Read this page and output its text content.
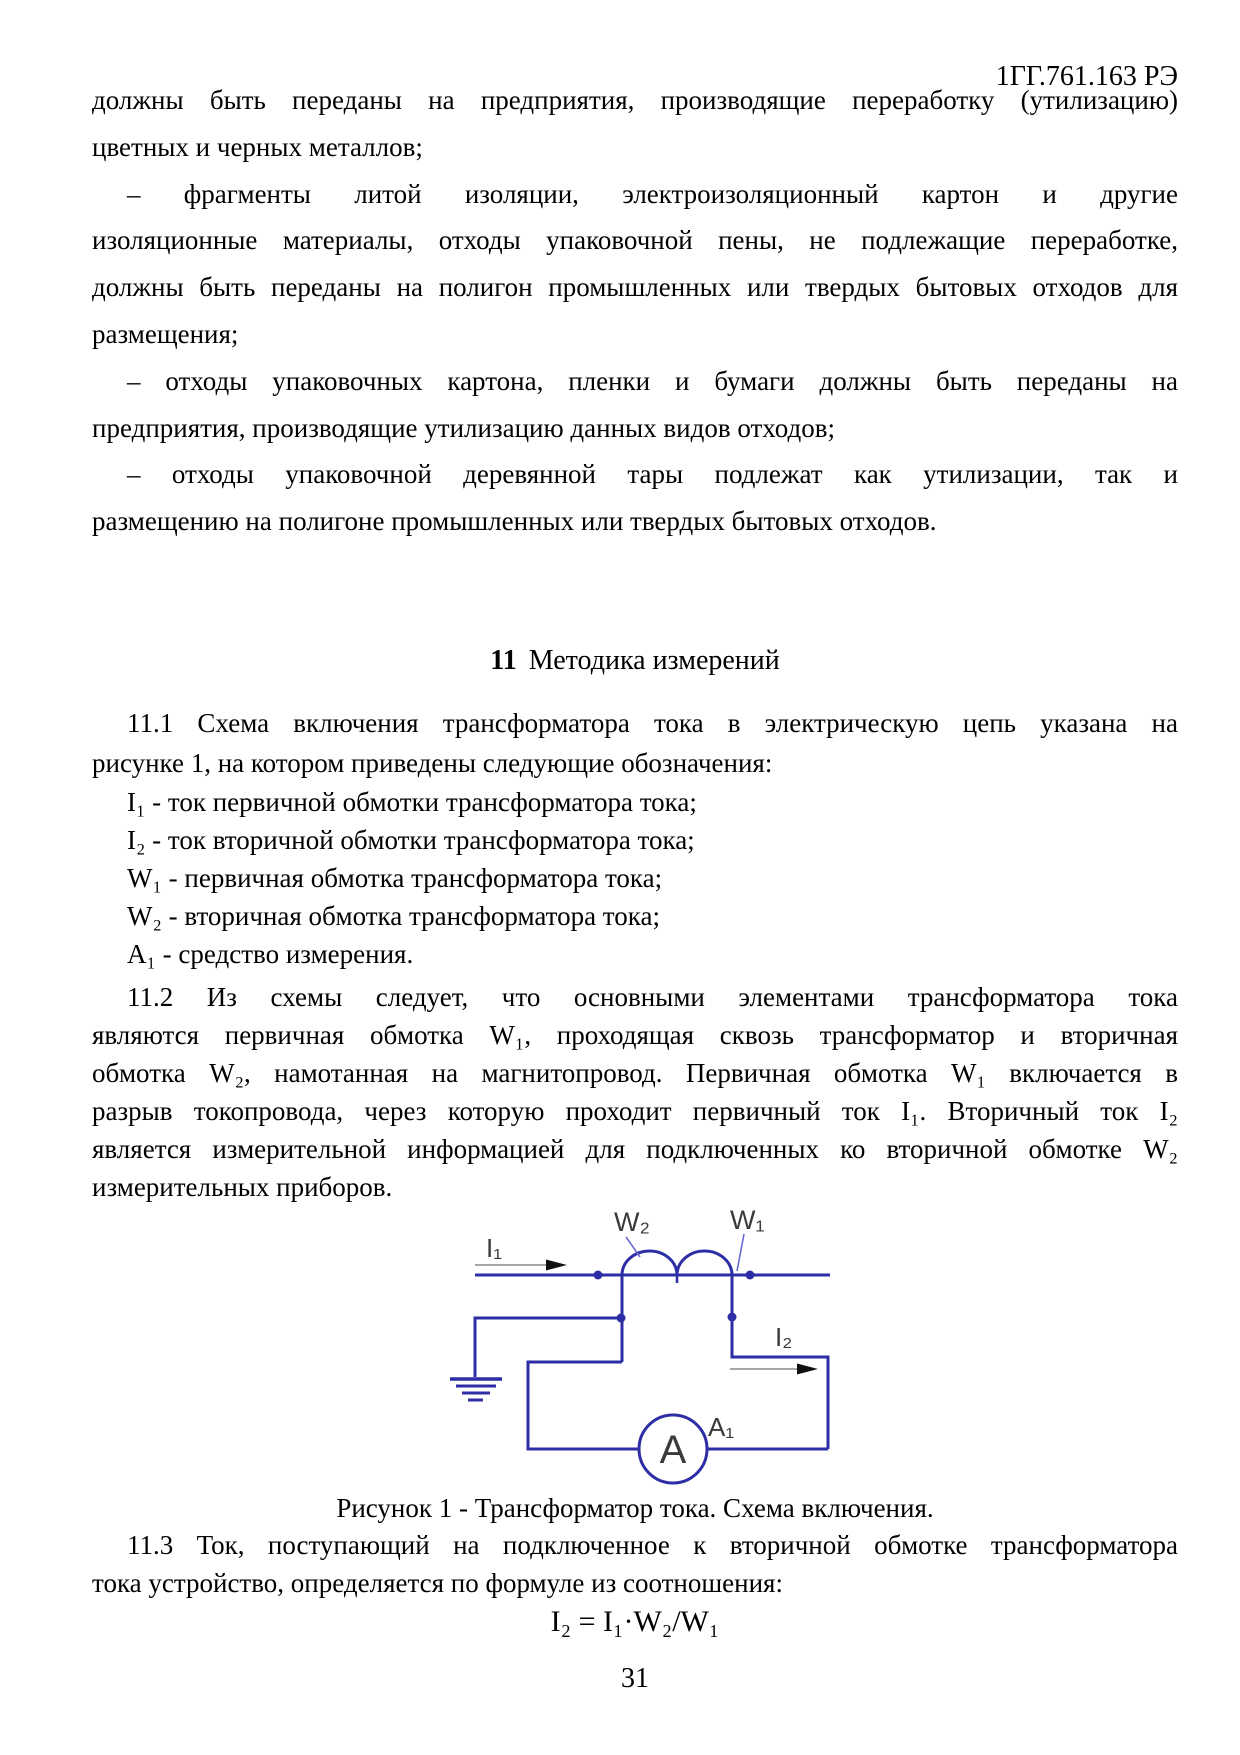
1ГГ.761.163 РЭ
должны быть переданы на предприятия, производящие переработку (утилизацию)
цветных и черных металлов;
– фрагменты литой изоляции, электроизоляционный картон и другие
изоляционные материалы, отходы упаковочной пены, не подлежащие переработке,
должны быть переданы на полигон промышленных или твердых бытовых отходов для
размещения;
– отходы упаковочных картона, пленки и бумаги должны быть переданы на
предприятия, производящие утилизацию данных видов отходов;
– отходы упаковочной деревянной тары подлежат как утилизации, так и
размещению на полигоне промышленных или твердых бытовых отходов.
11 Методика измерений
11.1 Схема включения трансформатора тока в электрическую цепь указана на
рисунке 1, на котором приведены следующие обозначения:
I₁ - ток первичной обмотки трансформатора тока;
I₂ - ток вторичной обмотки трансформатора тока;
W₁ - первичная обмотка трансформатора тока;
W₂ - вторичная обмотка трансформатора тока;
A₁ - средство измерения.
11.2 Из схемы следует, что основными элементами трансформатора тока
являются первичная обмотка W₁, проходящая сквозь трансформатор и вторичная
обмотка W₂, намотанная на магнитопровод. Первичная обмотка W₁ включается в
разрыв токопровода, через которую проходит первичный ток I₁. Вторичный ток I₂
является измерительной информацией для подключенных ко вторичной обмотке W₂
измерительных приборов.
A
I₁
I₂
W₂	W₁
A₁
Рисунок 1 - Трансформатор тока. Схема включения.
11.3 Ток, поступающий на подключенное к вторичной обмотке трансформатора
тока устройство, определяется по формуле из соотношения:
I₂ = I₁·W₂/W₁
31
